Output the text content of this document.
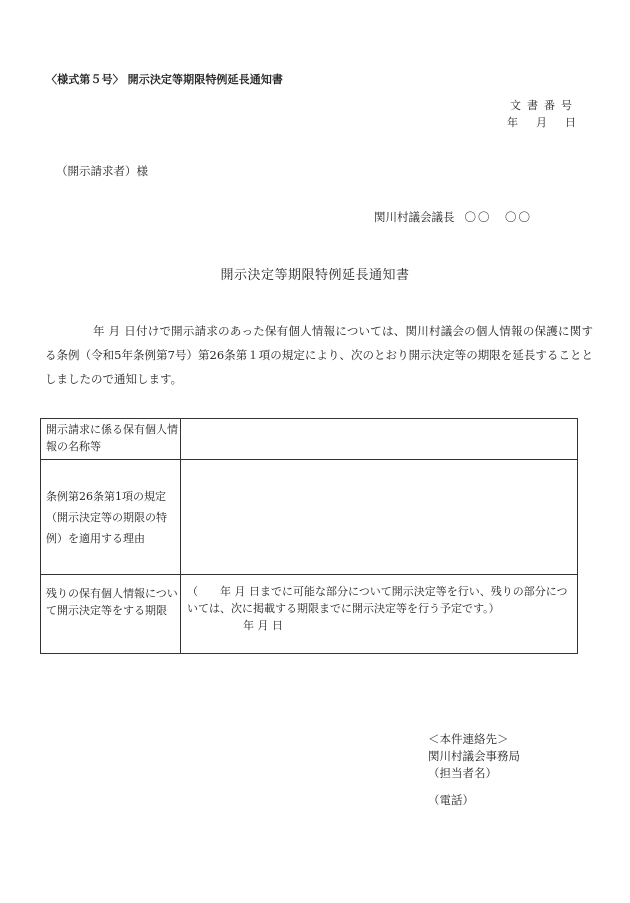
〈様式第５号〉 開示決定等期限特例延長通知書
文書番号
年 月 日
（開示請求者）様
関川村議会議長 〇〇　〇〇
開示決定等期限特例延長通知書

年 月 日付けで開示請求のあった保有個人情報については、関川村議会の個人情報の保護に関する条例（令和5年条例第7号）第26条第１項の規定により、次のとおり開示決定等の期限を延長することとしましたので通知します。

開示請求に係る保有個人情報の名称等	
条例第26条第1項の規定（開示決定等の期限の特例）を適用する理由	
残りの保有個人情報について開示決定等をする期限	（　　年 月 日までに可能な部分について開示決定等を行い、残りの部分については、次に掲載する期限までに開示決定等を行う予定です。）
年 月 日
＜本件連絡先＞
関川村議会事務局
（担当者名）
（電話）
